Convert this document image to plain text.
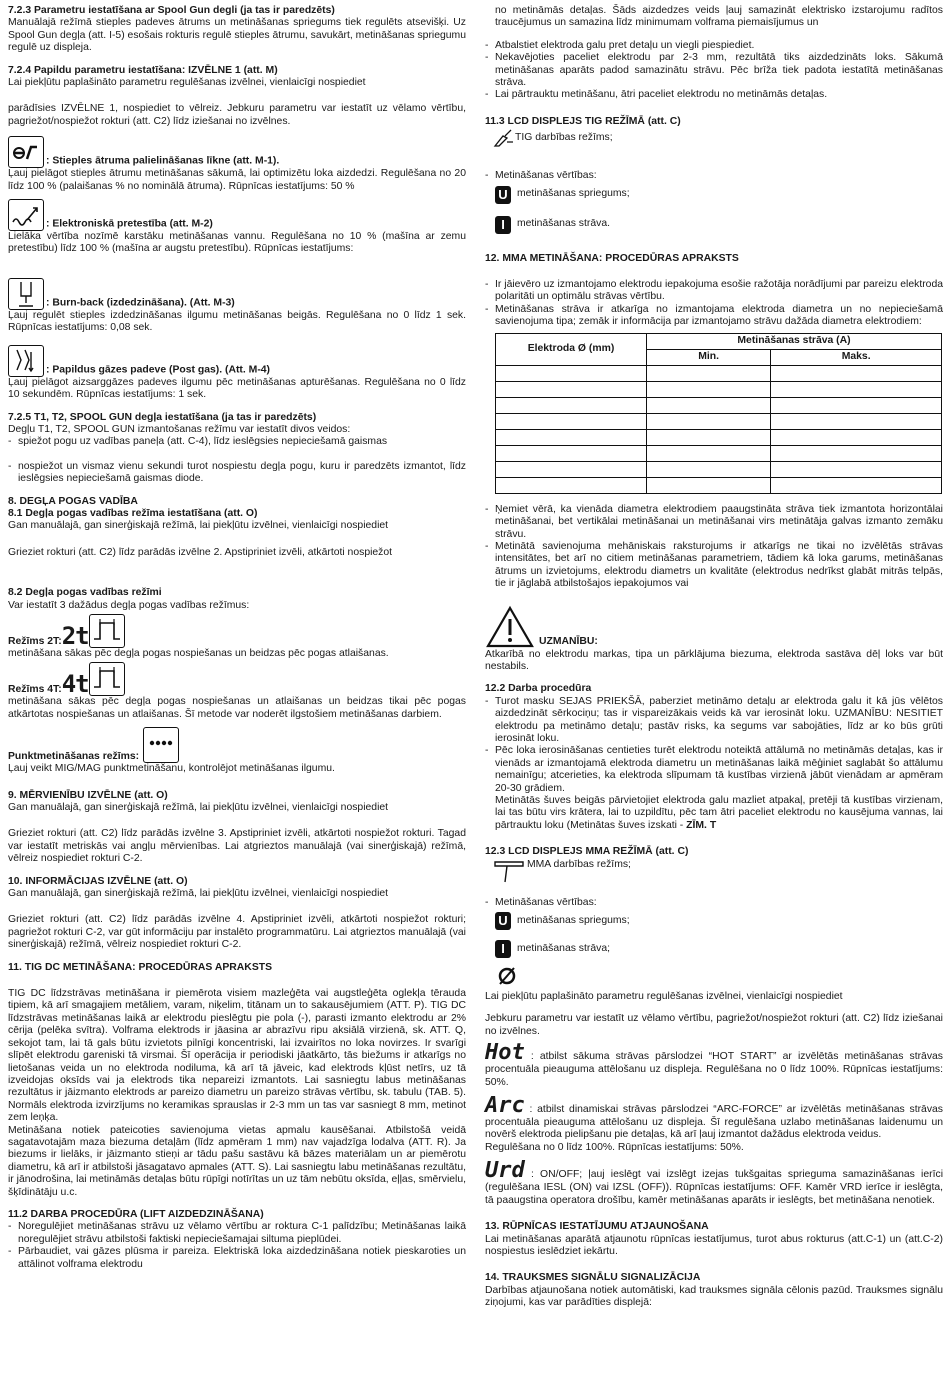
7.2.3 Parametru iestatīšana ar Spool Gun degli (ja tas ir paredzēts)

Manuālajā režīmā stieples padeves ātrums un metināšanas spriegums tiek regulēts atsevišķi. Uz Spool Gun degļa (att. I-5) esošais rokturis regulē stieples ātrumu, savukārt, metināšanas spriegumu regulē uz displeja.

7.2.4 Papildu parametru iestatīšana: IZVĒLNE 1 (att. M)

Lai piekļūtu paplašināto parametru regulēšanas izvēlnei, vienlaicīgi nospiediet

parādīsies IZVĒLNE 1, nospiediet to vēlreiz. Jebkuru parametru var iestatīt uz vēlamo vērtību, pagriežot/nospiežot rokturi (att. C2) līdz iziešanai no izvēlnes.

: Stieples ātruma palielināšanas līkne (att. M-1).

Ļauj pielāgot stieples ātrumu metināšanas sākumā, lai optimizētu loka aizdedzi. Regulēšana no 20 līdz 100 % (palaišanas % no nominālā ātruma). Rūpnīcas iestatījums: 50 %

: Elektroniskā pretestība (att. M-2)

Lielāka vērtība nozīmē karstāku metināšanas vannu. Regulēšana no 10 % (mašīna ar zemu pretestību) līdz 100 % (mašīna ar augstu pretestību). Rūpnīcas iestatījums:

: Burn-back (izdedzināšana). (Att. M-3)

Ļauj regulēt stieples izdedzināšanas ilgumu metināšanas beigās. Regulēšana no 0 līdz 1 sek. Rūpnīcas iestatījums: 0,08 sek.

: Papildus gāzes padeve (Post gas). (Att. M-4)

Ļauj pielāgot aizsarggāzes padeves ilgumu pēc metināšanas apturēšanas. Regulēšana no 0 līdz 10 sekundēm. Rūpnīcas iestatījums: 1 sek.

7.2.5 T1, T2, SPOOL GUN degļa iestatīšana (ja tas ir paredzēts)

Degļu T1, T2, SPOOL GUN izmantošanas režīmu var iestatīt divos veidos:

- spiežot pogu uz vadības paneļa (att. C-4), līdz ieslēgsies nepieciešamā gaismas
- nospiežot un vismaz vienu sekundi turot nospiestu degļa pogu, kuru ir paredzēts izmantot, līdz ieslēgsies nepieciešamā gaismas diode.

8. DEGĻA POGAS VADĪBA

8.1 Degļa pogas vadības režīma iestatīšana (att. O)

Gan manuālajā, gan sinerģiskajā režīmā, lai piekļūtu izvēlnei, vienlaicīgi nospiediet

Grieziet rokturi (att. C2) līdz parādās izvēlne 2. Apstipriniet izvēli, atkārtoti nospiežot

8.2 Degļa pogas vadības režīmi

Var iestatīt 3 dažādus degļa pogas vadības režīmus:

Režīms 2T: 2t

metināšana sākas pēc degļa pogas nospiešanas un beidzas pēc pogas atlaišanas.

Režīms 4T: 4t

metināšana sākas pēc degļa pogas nospiešanas un atlaišanas un beidzas tikai pēc pogas atkārtotas nospiešanas un atlaišanas. Šī metode var noderēt ilgstošiem metināšanas darbiem.

Punktmetināšanas režīms:

Ļauj veikt MIG/MAG punktmetināšanu, kontrolējot metināšanas ilgumu.

9. MĒRVIENĪBU IZVĒLNE (att. O)

Gan manuālajā, gan sinerģiskajā režīmā, lai piekļūtu izvēlnei, vienlaicīgi nospiediet

Grieziet rokturi (att. C2) līdz parādās izvēlne 3. Apstipriniet izvēli, atkārtoti nospiežot rokturi. Tagad var iestatīt metriskās vai angļu mērvienības. Lai atgrieztos manuālajā (vai sinerģiskajā) režīmā, vēlreiz nospiediet rokturi C-2.

10. INFORMĀCIJAS IZVĒLNE (att. O)

Gan manuālajā, gan sinerģiskajā režīmā, lai piekļūtu izvēlnei, vienlaicīgi nospiediet

Grieziet rokturi (att. C2) līdz parādās izvēlne 4. Apstipriniet izvēli, atkārtoti nospiežot rokturi; pagriežot rokturi C-2, var gūt informāciju par instalēto programmatūru. Lai atgrieztos manuālajā (vai sinerģiskajā) režīmā, vēlreiz nospiediet rokturi C-2.

11. TIG DC METINĀŠANA: PROCEDŪRAS APRAKSTS

TIG DC līdzstrāvas metināšana ir piemērota visiem mazleģēta vai augstleģēta oglekļa tērauda tipiem, kā arī smagajiem metāliem, varam, niķelim, titānam un to sakausējumiem (ATT. P). TIG DC līdzstrāvas metināšanas laikā ar elektrodu pieslēgtu pie pola (-), parasti izmanto elektrodu ar 2% cērija (pelēka svītra). Volframa elektrods ir jāasina ar abrazīvu ripu aksiālā virzienā, sk. ATT. Q, sekojot tam, lai tā gals būtu izvietots pilnīgi koncentriski, lai izvairītos no loka novirzes. Ir svarīgi slīpēt elektrodu gareniski tā virsmai. Šī operācija ir periodiski jāatkārto, tās biežums ir atkarīgs no lietošanas veida un no elektroda nodiluma, kā arī tā jāveic, kad elektrods kļūst netīrs, uz tā izveidojas oksīds vai ja elektrods tika nepareizi izmantots. Lai sasniegtu labus metināšanas rezultātus ir jāizmanto elektrods ar pareizo diametru un pareizo strāvas vērtību, sk. tabulu (TAB. 5). Normāls elektroda izvirzījums no keramikas sprauslas ir 2-3 mm un tas var sasniegt 8 mm, metinot zem leņķa.

Metināšana notiek pateicoties savienojuma vietas apmalu kausēšanai. Atbilstošā veidā sagatavotajām maza biezuma detaļām (līdz apmēram 1 mm) nav vajadzīga lodalva (ATT. R). Ja biezums ir lielāks, ir jāizmanto stieņi ar tādu pašu sastāvu kā bāzes materiālam un ar piemērotu diametru, kā arī ir atbilstoši jāsagatavo apmales (ATT. S). Lai sasniegtu labu metināšanas rezultātu, ir jānodrošina, lai metināmās detaļas būtu rūpīgi notīrītas un uz tām nebūtu oksīda, eļļas, smērvielu, šķīdinātāju u.c.

11.2 DARBA PROCEDŪRA (LIFT AIZDEDZINĀŠANA)

- Noregulējiet metināšanas strāvu uz vēlamo vērtību ar roktura C-1 palīdzību; Metināšanas laikā noregulējiet strāvu atbilstoši faktiski nepieciešamajai siltuma pieplūdei.
- Pārbaudiet, vai gāzes plūsma ir pareiza. Elektriskā loka aizdedzināšana notiek pieskaroties un attālinot volframa elektrodu

no metināmās detaļas. Šāds aizdedzes veids ļauj samazināt elektrisko izstarojumu radītos traucējumus un samazina līdz minimumam volframa piemaisījumus un

- Atbalstiet elektroda galu pret detaļu un viegli piespiediet.
- Nekavējoties paceliet elektrodu par 2-3 mm, rezultātā tiks aizdedzināts loks. Sākumā metināšanas aparāts padod samazinātu strāvu. Pēc brīža tiek padota iestatītā metināšanas strāva.
- Lai pārtrauktu metināšanu, ātri paceliet elektrodu no metināmās detaļas.

11.3 LCD DISPLEJS TIG REŽĪMĀ (att. C)

TIG darbības režīms;
- Metināšanas vērtības:
U metināšanas spriegums;
I	metināšanas strāva.

12. MMA METINĀŠANA: PROCEDŪRAS APRAKSTS

- Ir jāievēro uz izmantojamo elektrodu iepakojuma esošie ražotāja norādījumi par pareizu elektroda polaritāti un optimālu strāvas vērtību.
- Metināšanas strāva ir atkarīga no izmantojama elektroda diametra un no nepieciešamā savienojuma tipa; zemāk ir informācija par izmantojamo strāvu dažāda diametra elektrodiem:
Elektroda Ø (mm)	Metināšanas strāva (A)	
	Min.	Maks.

- Ņemiet vērā, ka vienāda diametra elektrodiem paaugstināta strāva tiek izmantota horizontālai metināšanai, bet vertikālai metināšanai un metināšanai virs metinātāja galvas izmanto zemāku strāvu.
- Metinātā savienojuma mehāniskais raksturojums ir atkarīgs ne tikai no izvēlētās strāvas intensitātes, bet arī no citiem metināšanas parametriem, tādiem kā loka garums, metināšanas ātrums un izvietojums, elektrodu diametrs un kvalitāte (elektrodus nedrīkst glabāt mitrās telpās, tie ir jāglabā atbilstošajos iepakojumos vai
UZMANĪBU:

Atkarībā no elektrodu markas, tipa un pārklājuma biezuma, elektroda sastāva dēļ loks var būt nestabils.

12.2 Darba procedūra

- Turot masku SEJAS PRIEKŠĀ, paberziet metināmo detaļu ar elektroda galu it kā jūs vēlētos aizdedzināt sērkociņu; tas ir vispareizākais veids kā var ierosināt loku. UZMANĪBU: NESITIET elektrodu pa metināmo detaļu; pastāv risks, ka segums var sabojāties, līdz ar ko būs grūti ierosināt loku.
- Pēc loka ierosināšanas centieties turēt elektrodu noteiktā attālumā no metināmās detaļas, kas ir vienāds ar izmantojamā elektroda diametru un metināšanas laikā mēģiniet saglabāt šo attālumu nemainīgu; atcerieties, ka elektroda slīpumam tā kustības virzienā jābūt vienādam ar apmēram 20-30 grādiem.
Metinātās šuves beigās pārvietojiet elektroda galu mazliet atpakaļ, pretēji tā kustības virzienam, lai tas būtu virs krātera, lai to uzpildītu, pēc tam ātri paceliet elektrodu no kausējuma vannas, lai pārtrauktu loku (Metinātas šuves izskati - ZĪM. T

12.3 LCD DISPLEJS MMA REŽĪMĀ (att. C)

MMA darbības režīms;
- Metināšanas vērtības:
U metināšanas spriegums;
I	metināšanas strāva;

Lai piekļūtu paplašināto parametru regulēšanas izvēlnei, vienlaicīgi nospiediet

Jebkuru parametru var iestatīt uz vēlamo vērtību, pagriežot/nospiežot rokturi (att. C2) līdz iziešanai no izvēlnes.

Hot : atbilst sākuma strāvas pārslodzei “HOT START” ar izvēlētās metināšanas strāvas procentuāla pieauguma attēlošanu uz displeja. Regulēšana no 0 līdz 100%. Rūpnīcas iestatījums: 50%.

Arc : atbilst dinamiskai strāvas pārslodzei “ARC-FORCE” ar izvēlētās metināšanas strāvas procentuāla pieauguma attēlošanu uz displeja. Šī regulēšana uzlabo metināšanas laidenumu un novērš elektroda pielipšanu pie detaļas, kā arī ļauj izmantot dažādus elektroda veidus.

Regulēšana no 0 līdz 100%. Rūpnīcas iestatījums: 50%.

Urd : ON/OFF; ļauj ieslēgt vai izslēgt izejas tukšgaitas sprieguma samazināšanas ierīci (regulēšana IESL (ON) vai IZSL (OFF)). Rūpnīcas iestatījums: OFF. Kamēr VRD ierīce ir ieslēgta, tā paaugstina operatora drošību, kamēr metināšanas aparāts ir ieslēgts, bet metināšana nenotiek.

13. RŪPNĪCAS IESTATĪJUMU ATJAUNOŠANA

Lai metināšanas aparātā atjaunotu rūpnīcas iestatījumus, turot abus rokturus (att.C-1) un (att.C-2) nospiestus ieslēdziet iekārtu.

14. TRAUKSMES SIGNĀLU SIGNALIZĀCIJA

Darbības atjaunošana notiek automātiski, kad trauksmes signāla cēlonis pazūd. Trauksmes signālu ziņojumi, kas var parādīties displejā:
